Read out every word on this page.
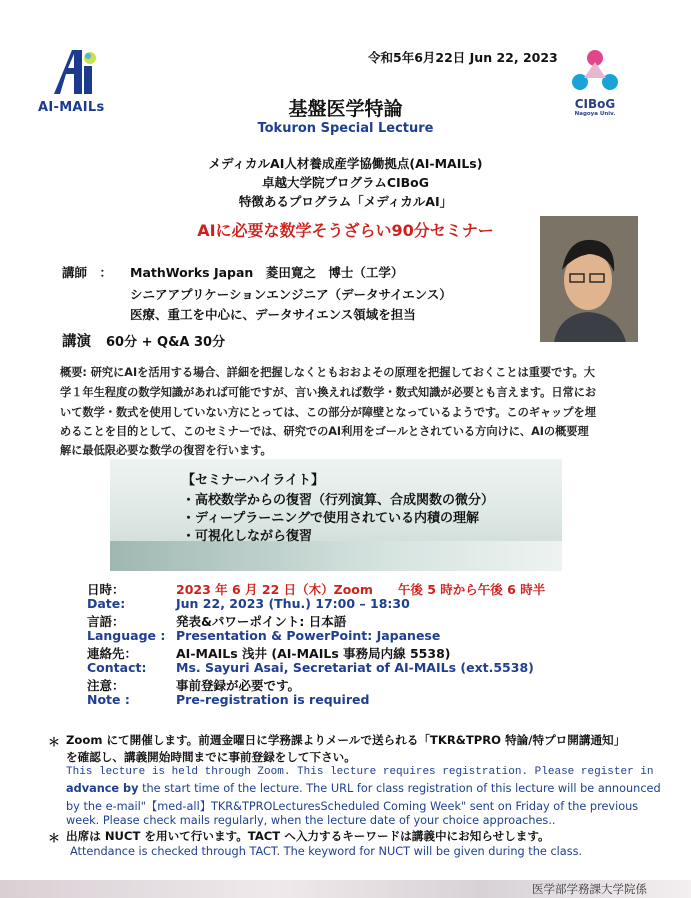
AI-MAILs
令和5年6月22日 Jun 22, 2023
CIBoG
Nagoya Univ.
基盤医学特論
Tokuron Special Lecture
メディカルAI人材養成産学協働拠点(AI-MAILs)
卓越大学院プログラムCIBoG
特徴あるプログラム「メディカルAI」
AIに必要な数学そうざらい90分セミナー
講師　： MathWorks Japan　菱田寛之　博士（工学）
シニアアプリケーションエンジニア（データサイエンス）
医療、重工を中心に、データサイエンス領域を担当
講演 60分 + Q&A 30分
概要: 研究にAIを活用する場合、詳細を把握しなくともおおよその原理を把握しておくことは重要です。大
学１年生程度の数学知識があれば可能ですが、言い換えれば数学・数式知識が必要とも言えます。日常にお
いて数学・数式を使用していない方にとっては、この部分が障壁となっているようです。このギャップを埋
めることを目的として、このセミナーでは、研究でのAI利用をゴールとされている方向けに、AIの概要理
解に最低限必要な数学の復習を行います。
【セミナーハイライト】
・高校数学からの復習（行列演算、合成関数の微分）
・ディープラーニングで使用されている内積の理解
・可視化しながら復習
日時：	2023 年 6 月 22 日（木）Zoom　　午後 5 時から午後 6 時半
Date:	Jun 22, 2023 (Thu.) 17:00 – 18:30
言語：	発表&パワーポイント: 日本語
Language : Presentation & PowerPoint: Japanese
連絡先：	AI-MAILs 浅井 (AI-MAILs 事務局内線 5538)
Contact: Ms. Sayuri Asai, Secretariat of AI-MAILs (ext.5538)
注意：	事前登録が必要です。
Note :	Pre-registration is required
＊ Zoom にて開催します。前週金曜日に学務課よりメールで送られる「TKR&TPRO 特論/特プロ開講通知」
を確認し、講義開始時間までに事前登録をして下さい。
This lecture is held through Zoom. This lecture requires registration. Please register in
advance by the start time of the lecture. The URL for class registration of this lecture will be announced
by the e-mail"【med-all】TKR&TPROLecturesScheduled Coming Week" sent on Friday of the previous
week. Please check mails regularly, when the lecture date of your choice approaches..
＊ 出席は NUCT を用いて行います。TACT へ入力するキーワードは講義中にお知らせします。
Attendance is checked through TACT. The keyword for NUCT will be given during the class.
医学部学務課大学院係
